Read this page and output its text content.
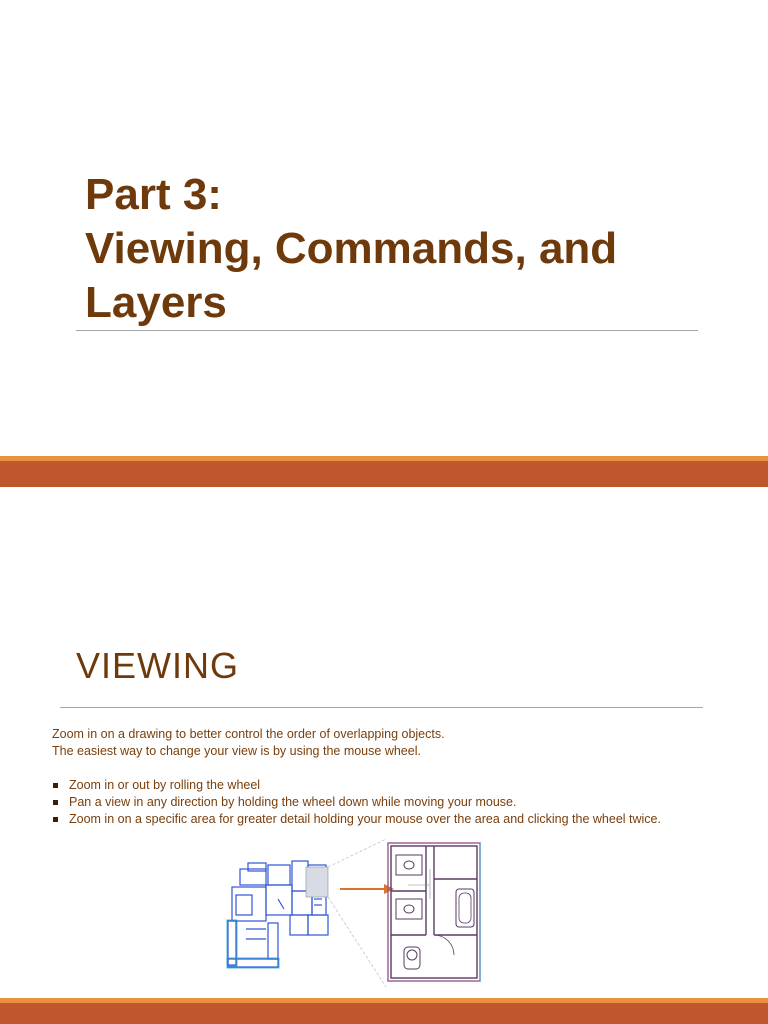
Part 3:
Viewing, Commands, and
Layers
VIEWING

Zoom in on a drawing to better control the order of overlapping objects.

The easiest way to change your view is by using the mouse wheel.

Zoom in or out by rolling the wheel
Pan a view in any direction by holding the wheel down while moving your mouse.
Zoom in on a specific area for greater detail holding your mouse over the area and clicking the wheel twice.
